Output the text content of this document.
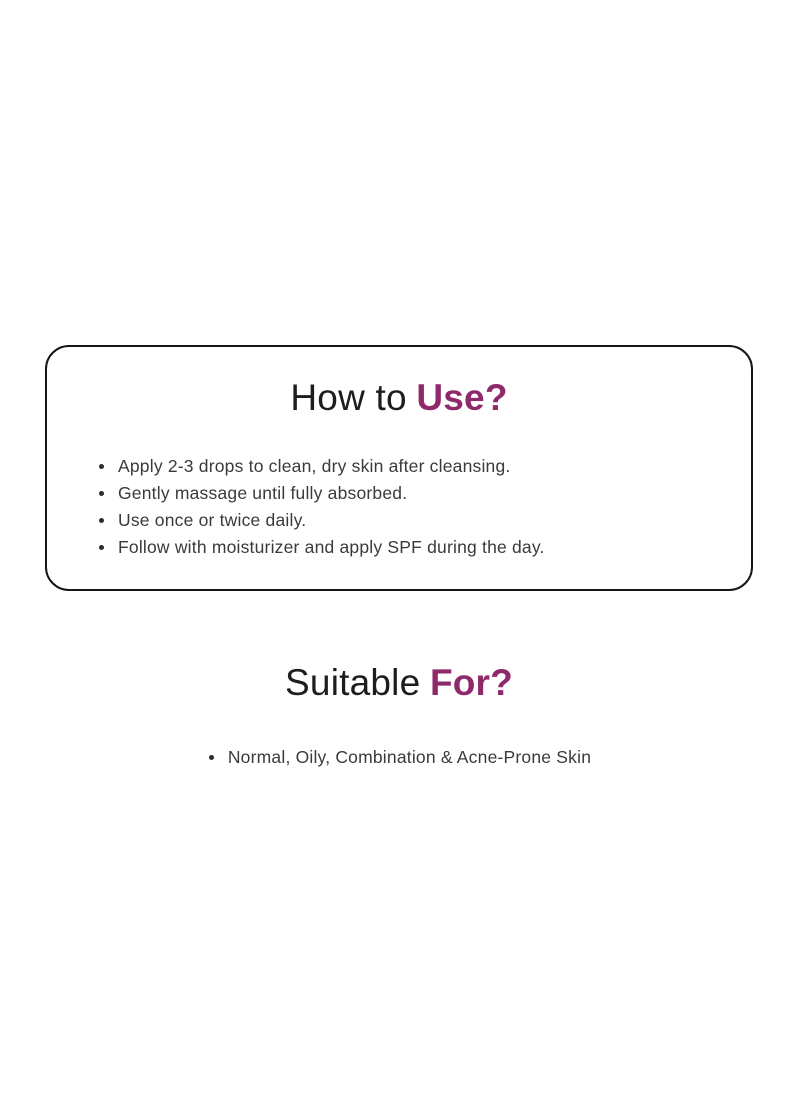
How to Use?
Apply 2-3 drops to clean, dry skin after cleansing.
Gently massage until fully absorbed.
Use once or twice daily.
Follow with moisturizer and apply SPF during the day.
Suitable For?
Normal, Oily, Combination & Acne-Prone Skin
